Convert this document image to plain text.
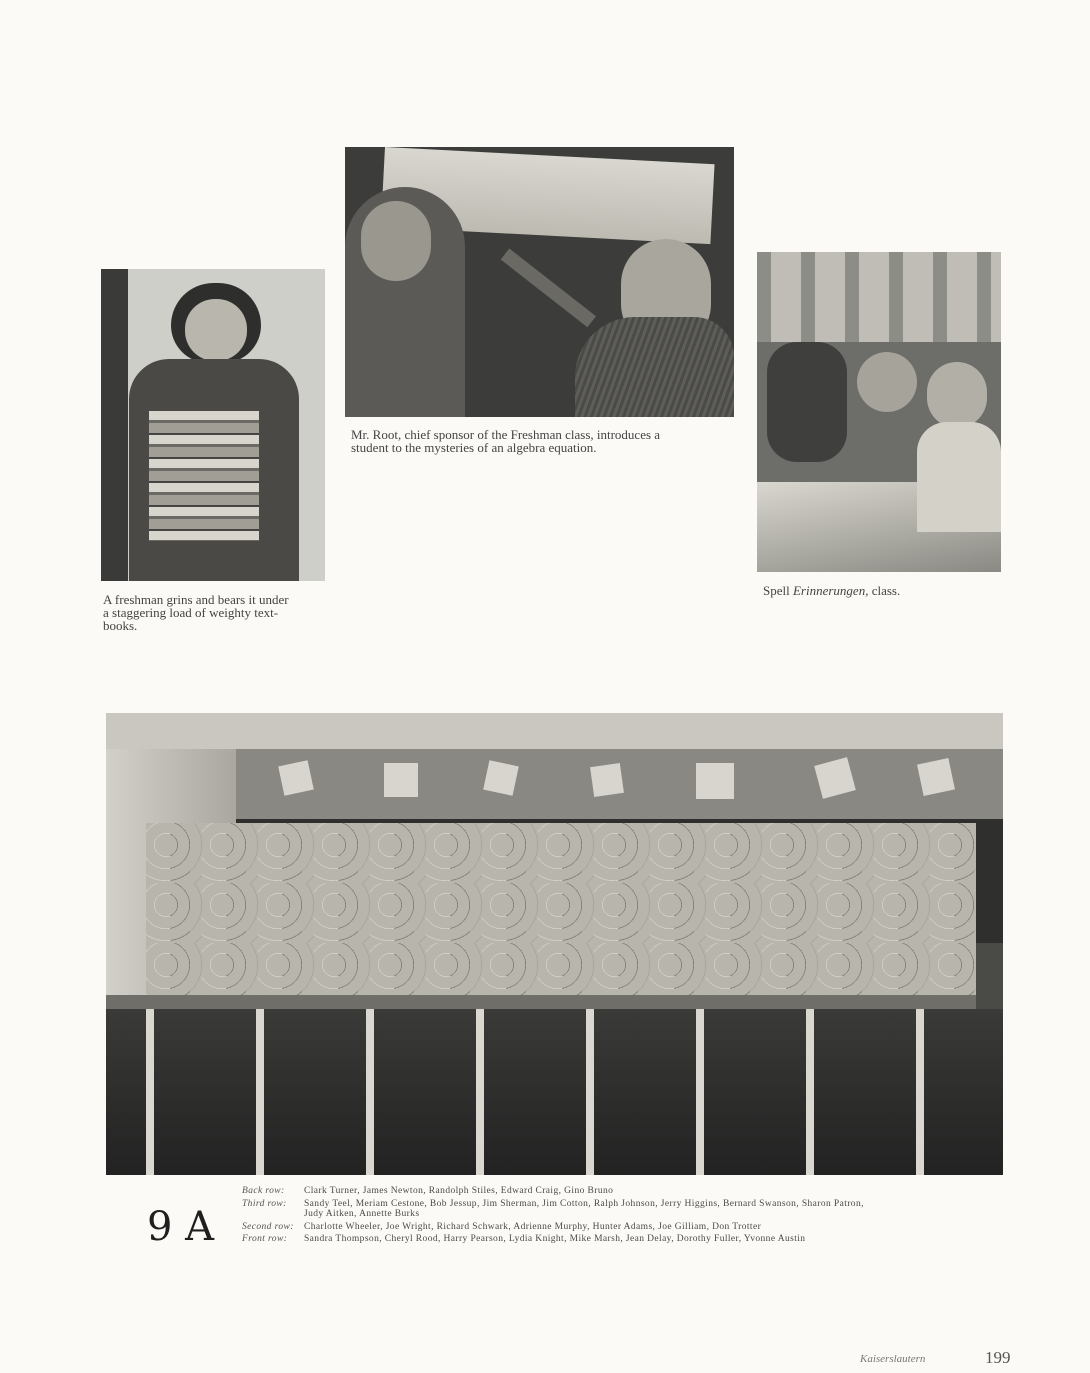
A freshman grins and bears it under
a staggering load of weighty text-
books.
Mr. Root, chief sponsor of the Freshman class, introduces a
student to the mysteries of an algebra equation.
Spell Erinnerungen, class.
9 A
Back row:	Clark Turner, James Newton, Randolph Stiles, Edward Craig, Gino Bruno
Third row:	Sandy Teel, Meriam Cestone, Bob Jessup, Jim Sherman, Jim Cotton, Ralph Johnson, Jerry Higgins, Bernard Swanson, Sharon Patron, Judy Aitken, Annette Burks
Second row:	Charlotte Wheeler, Joe Wright, Richard Schwark, Adrienne Murphy, Hunter Adams, Joe Gilliam, Don Trotter
Front row:	Sandra Thompson, Cheryl Rood, Harry Pearson, Lydia Knight, Mike Marsh, Jean Delay, Dorothy Fuller, Yvonne Austin
Kaiserslautern	199
